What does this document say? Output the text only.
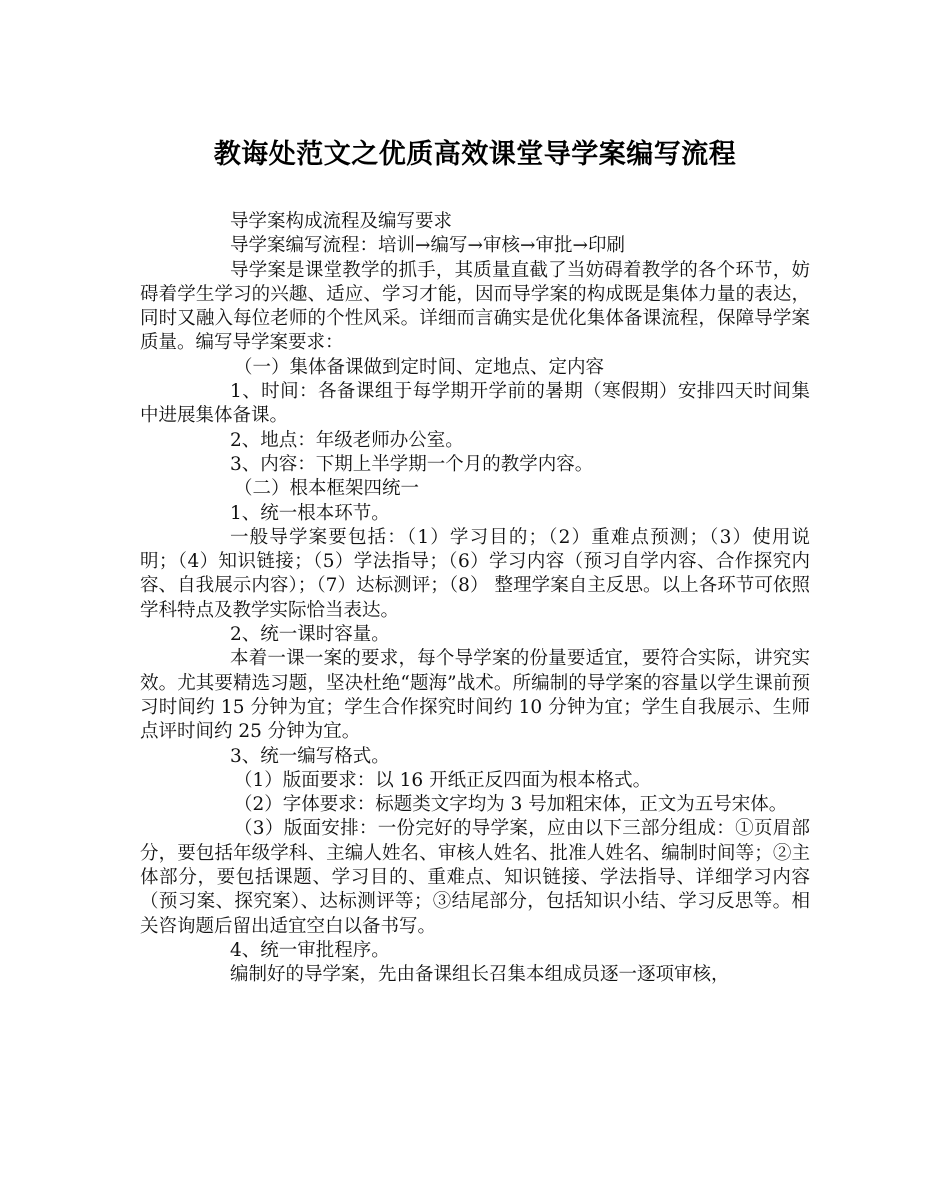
教诲处范文之优质高效课堂导学案编写流程

导学案构成流程及编写要求

导学案编写流程：培训→编写→审核→审批→印刷

导学案是课堂教学的抓手，其质量直截了当妨碍着教学的各个环节，妨碍着学生学习的兴趣、适应、学习才能，因而导学案的构成既是集体力量的表达，同时又融入每位老师的个性风采。详细而言确实是优化集体备课流程，保障导学案质量。编写导学案要求：

（一）集体备课做到定时间、定地点、定内容

1、时间：各备课组于每学期开学前的暑期（寒假期）安排四天时间集中进展集体备课。

2、地点：年级老师办公室。

3、内容：下期上半学期一个月的教学内容。

（二）根本框架四统一

1、统一根本环节。

一般导学案要包括：（1）学习目的；（2）重难点预测；（3）使用说明；（4）知识链接；（5）学法指导；（6）学习内容（预习自学内容、合作探究内容、自我展示内容）；（7）达标测评；（8） 整理学案自主反思。以上各环节可依照学科特点及教学实际恰当表达。

2、统一课时容量。

本着一课一案的要求，每个导学案的份量要适宜，要符合实际，讲究实效。尤其要精选习题，坚决杜绝“题海”战术。所编制的导学案的容量以学生课前预习时间约 15 分钟为宜；学生合作探究时间约 10 分钟为宜；学生自我展示、生师点评时间约 25 分钟为宜。

3、统一编写格式。

（1）版面要求：以 16 开纸正反四面为根本格式。

（2）字体要求：标题类文字均为 3 号加粗宋体，正文为五号宋体。

（3）版面安排：一份完好的导学案，应由以下三部分组成：①页眉部分，要包括年级学科、主编人姓名、审核人姓名、批准人姓名、编制时间等；②主体部分，要包括课题、学习目的、重难点、知识链接、学法指导、详细学习内容（预习案、探究案）、达标测评等；③结尾部分，包括知识小结、学习反思等。相关咨询题后留出适宜空白以备书写。

4、统一审批程序。

编制好的导学案，先由备课组长召集本组成员逐一逐项审核，
